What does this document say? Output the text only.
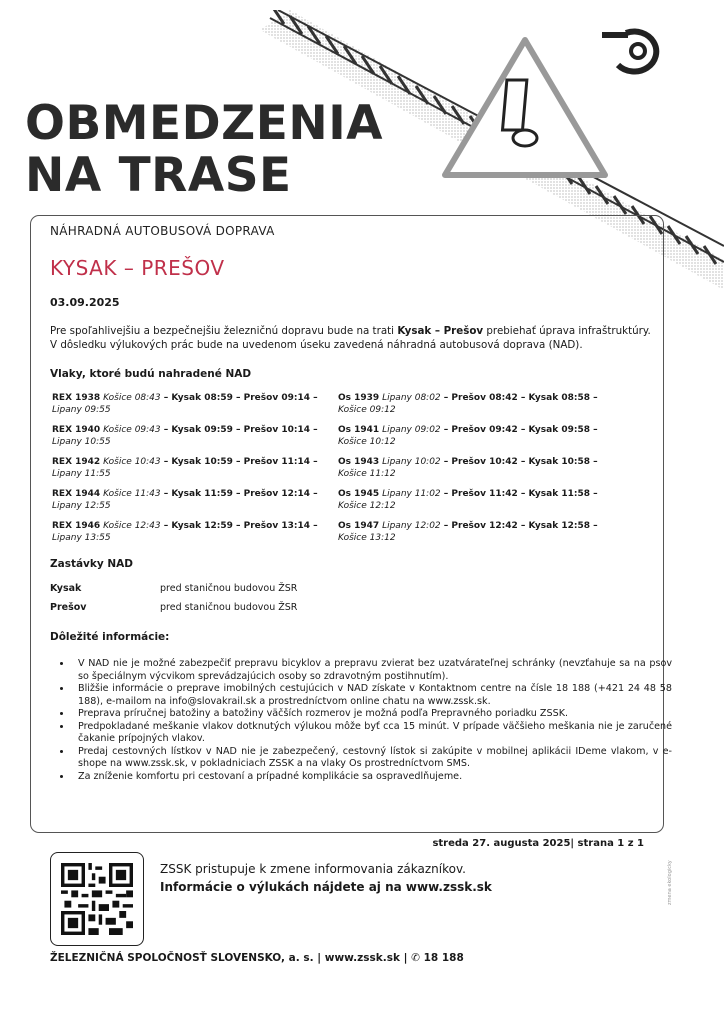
OBMEDZENIA
NA TRASE
NÁHRADNÁ AUTOBUSOVÁ DOPRAVA
KYSAK – PREŠOV
03.09.2025
Pre spoľahlivejšiu a bezpečnejšiu železničnú dopravu bude na trati Kysak – Prešov prebiehať úprava infraštruktúry. V dôsledku výlukových prác bude na uvedenom úseku zavedená náhradná autobusová doprava (NAD).
Vlaky, ktoré budú nahradené NAD
REX 1938 Košice 08:43 – Kysak 08:59 – Prešov 09:14 –
Lipany 09:55
REX 1940 Košice 09:43 – Kysak 09:59 – Prešov 10:14 –
Lipany 10:55
REX 1942 Košice 10:43 – Kysak 10:59 – Prešov 11:14 –
Lipany 11:55
REX 1944 Košice 11:43 – Kysak 11:59 – Prešov 12:14 –
Lipany 12:55
REX 1946 Košice 12:43 – Kysak 12:59 – Prešov 13:14 –
Lipany 13:55
Os 1939 Lipany 08:02 – Prešov 08:42 – Kysak 08:58 –
Košice 09:12
Os 1941 Lipany 09:02 – Prešov 09:42 – Kysak 09:58 –
Košice 10:12
Os 1943 Lipany 10:02 – Prešov 10:42 – Kysak 10:58 –
Košice 11:12
Os 1945 Lipany 11:02 – Prešov 11:42 – Kysak 11:58 –
Košice 12:12
Os 1947 Lipany 12:02 – Prešov 12:42 – Kysak 12:58 –
Košice 13:12
Zastávky NAD
Kysak	pred staničnou budovou ŽSR
Prešov	pred staničnou budovou ŽSR
Dôležité informácie:
• V NAD nie je možné zabezpečiť prepravu bicyklov a prepravu zvierat bez uzatvárateľnej schránky (nevzťahuje sa na psov so špeciálnym výcvikom sprevádzajúcich osoby so zdravotným postihnutím).
• Bližšie informácie o preprave imobilných cestujúcich v NAD získate v Kontaktnom centre na čísle 18 188 (+421 24 48 58 188), e-mailom na info@slovakrail.sk a prostredníctvom online chatu na www.zssk.sk.
• Preprava príručnej batožiny a batožiny väčších rozmerov je možná podľa Prepravného poriadku ZSSK.
• Predpokladané meškanie vlakov dotknutých výlukou môže byť cca 15 minút. V prípade väčšieho meškania nie je zaručené čakanie prípojných vlakov.
• Predaj cestovných lístkov v NAD nie je zabezpečený, cestovný lístok si zakúpite v mobilnej aplikácii IDeme vlakom, v e-shope na www.zssk.sk, v pokladniciach ZSSK a na vlaky Os prostredníctvom SMS.
• Za zníženie komfortu pri cestovaní a prípadné komplikácie sa ospravedlňujeme.
streda 27. augusta 2025| strana 1 z 1
ZSSK pristupuje k zmene informovania zákazníkov.
Informácie o výlukách nájdete aj na www.zssk.sk
ŽELEZNIČNÁ SPOLOČNOSŤ SLOVENSKO, a. s. | www.zssk.sk | ✆ 18 188
zmena ekologicky
